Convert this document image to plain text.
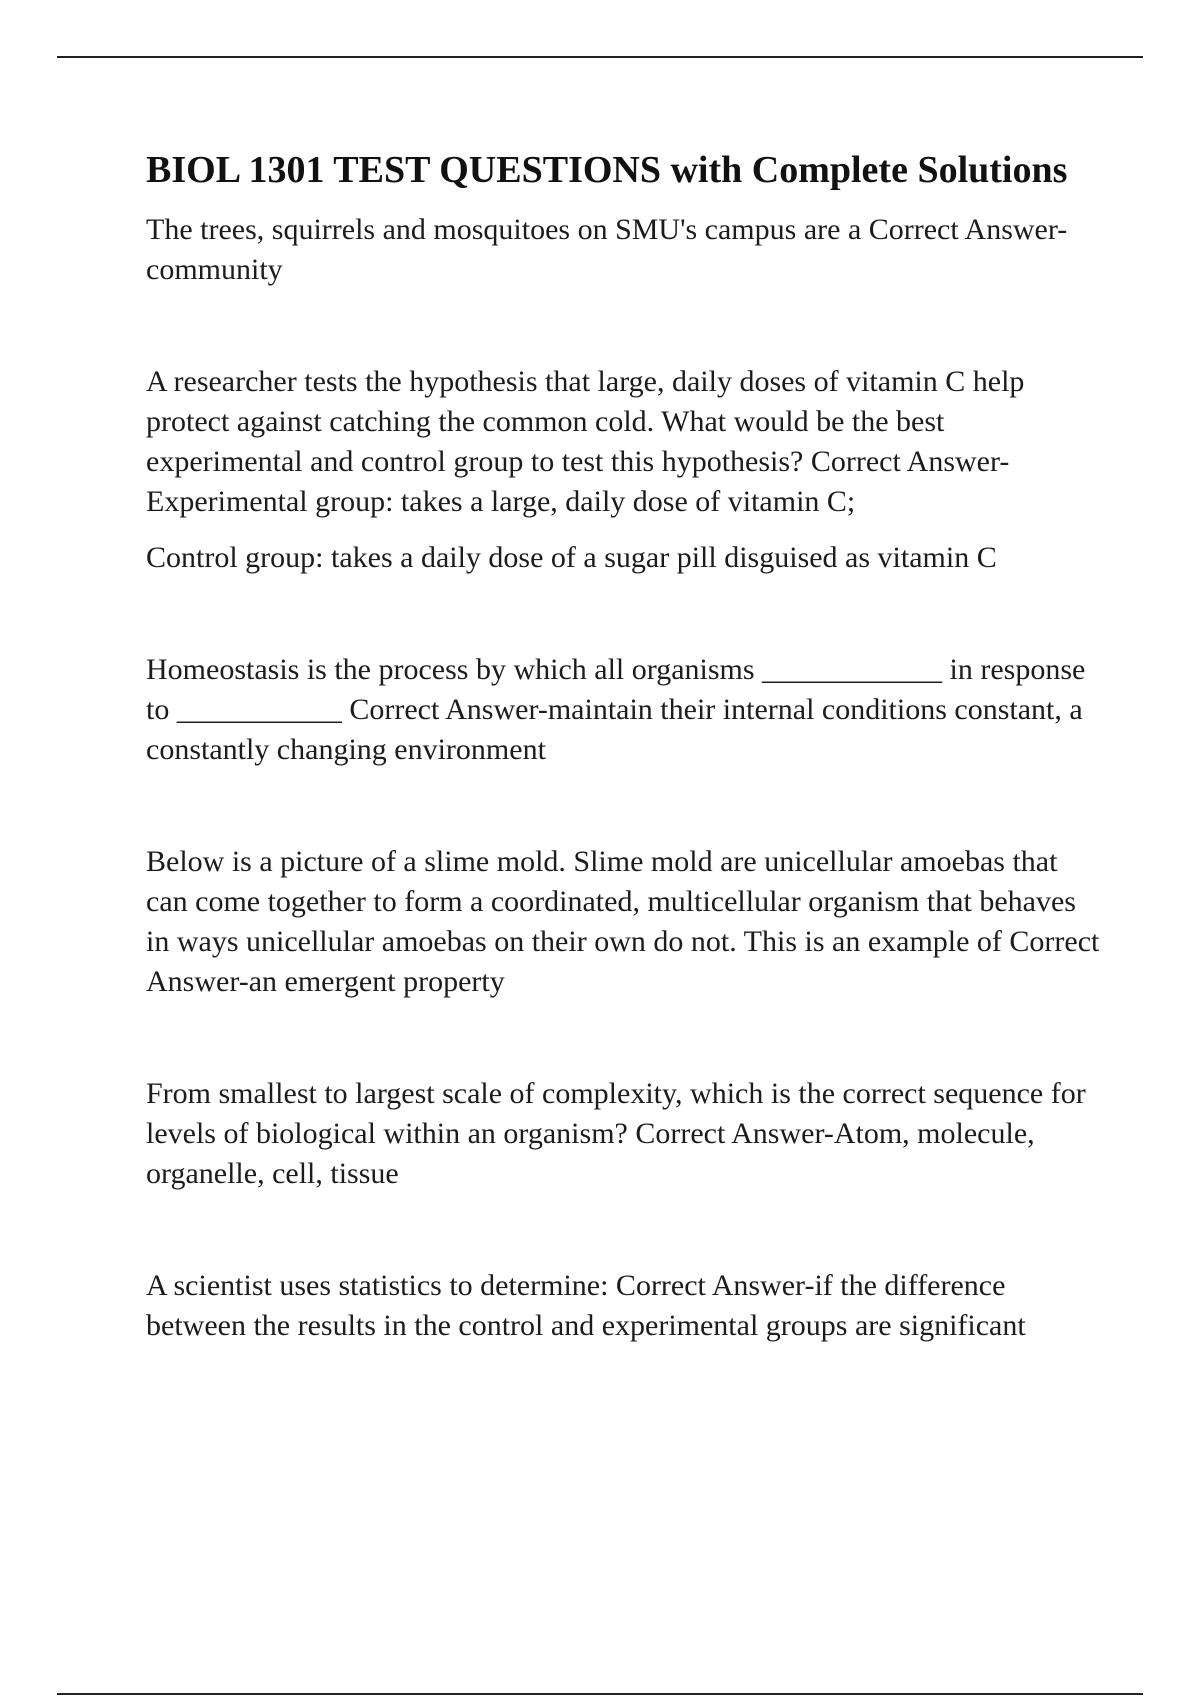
BIOL 1301 TEST QUESTIONS with Complete Solutions

The trees, squirrels and mosquitoes on SMU's campus are a Correct Answer-community

A researcher tests the hypothesis that large, daily doses of vitamin C help protect against catching the common cold. What would be the best experimental and control group to test this hypothesis? Correct Answer-Experimental group: takes a large, daily dose of vitamin C;

Control group: takes a daily dose of a sugar pill disguised as vitamin C

Homeostasis is the process by which all organisms ____________ in response to ___________ Correct Answer-maintain their internal conditions constant, a constantly changing environment

Below is a picture of a slime mold. Slime mold are unicellular amoebas that can come together to form a coordinated, multicellular organism that behaves in ways unicellular amoebas on their own do not. This is an example of Correct Answer-an emergent property

From smallest to largest scale of complexity, which is the correct sequence for levels of biological within an organism? Correct Answer-Atom, molecule, organelle, cell, tissue

A scientist uses statistics to determine: Correct Answer-if the difference between the results in the control and experimental groups are significant
